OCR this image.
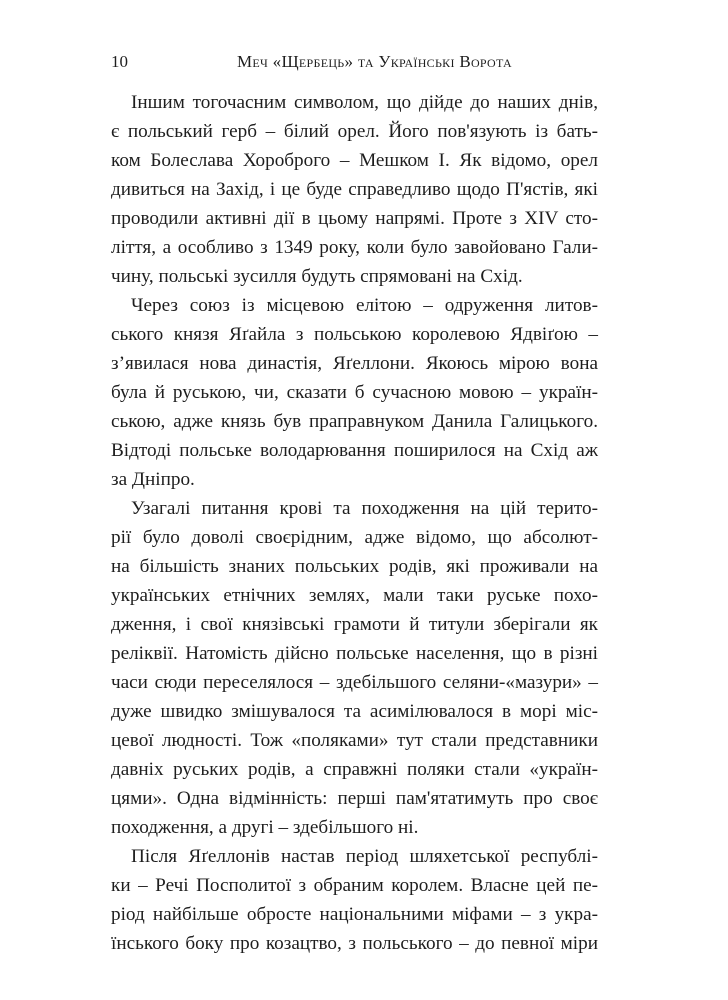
10	Меч «Щербець» та Українські Ворота
Іншим тогочасним символом, що дійде до наших днів,
є польський герб – білий орел. Його пов'язують із бать-
ком Болеслава Хороброго – Мешком I. Як відомо, орел
дивиться на Захід, і це буде справедливо щодо П'ястів, які
проводили активні дії в цьому напрямі. Проте з XIV сто-
ліття, а особливо з 1349 року, коли було завойовано Гали-
чину, польські зусилля будуть спрямовані на Схід.
Через союз із місцевою елітою – одруження литов-
ського князя Яґайла з польською королевою Ядвіґою –
з’явилася нова династія, Яґеллони. Якоюсь мірою вона
була й руською, чи, сказати б сучасною мовою – україн-
ською, адже князь був праправнуком Данила Галицького.
Відтоді польське володарювання поширилося на Схід аж
за Дніпро.
Узагалі питання крові та походження на цій терито-
рії було доволі своєрідним, адже відомо, що абсолют-
на більшість знаних польських родів, які проживали на
українських етнічних землях, мали таки руське похо-
дження, і свої князівські грамоти й титули зберігали як
реліквії. Натомість дійсно польське населення, що в різні
часи сюди переселялося – здебільшого селяни-«мазури» –
дуже швидко змішувалося та асимілювалося в морі міс-
цевої людності. Тож «поляками» тут стали представники
давніх руських родів, а справжні поляки стали «україн-
цями». Одна відмінність: перші пам'ятатимуть про своє
походження, а другі – здебільшого ні.
Після Яґеллонів настав період шляхетської республі-
ки – Речі Посполитої з обраним королем. Власне цей пе-
ріод найбільше обросте національними міфами – з укра-
їнського боку про козацтво, з польського – до певної міри
